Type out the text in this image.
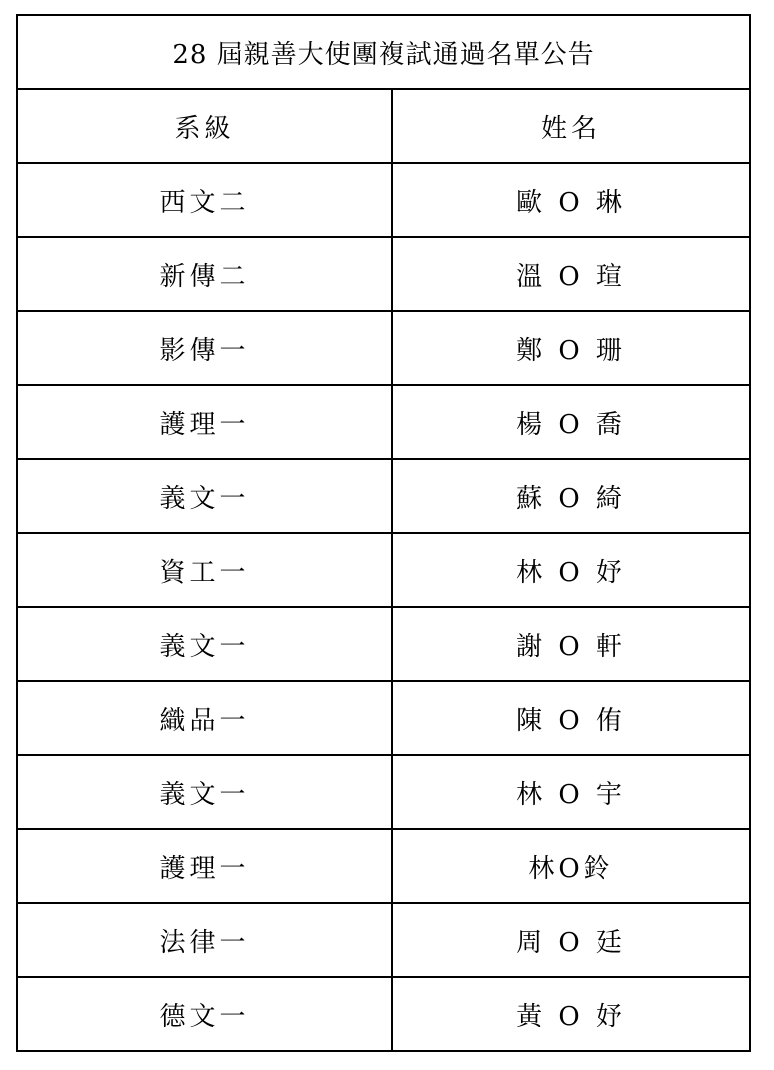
28 屆親善大使團複試通過名單公告	
系級	姓名
西文二	歐 O 琳
新傳二	溫 O 瑄
影傳一	鄭 O 珊
護理一	楊 O 喬
義文一	蘇 O 綺
資工一	林 O 妤
義文一	謝 O 軒
織品一	陳 O 侑
義文一	林 O 宇
護理一	林O鈴
法律一	周 O 廷
德文一	黃 O 妤
